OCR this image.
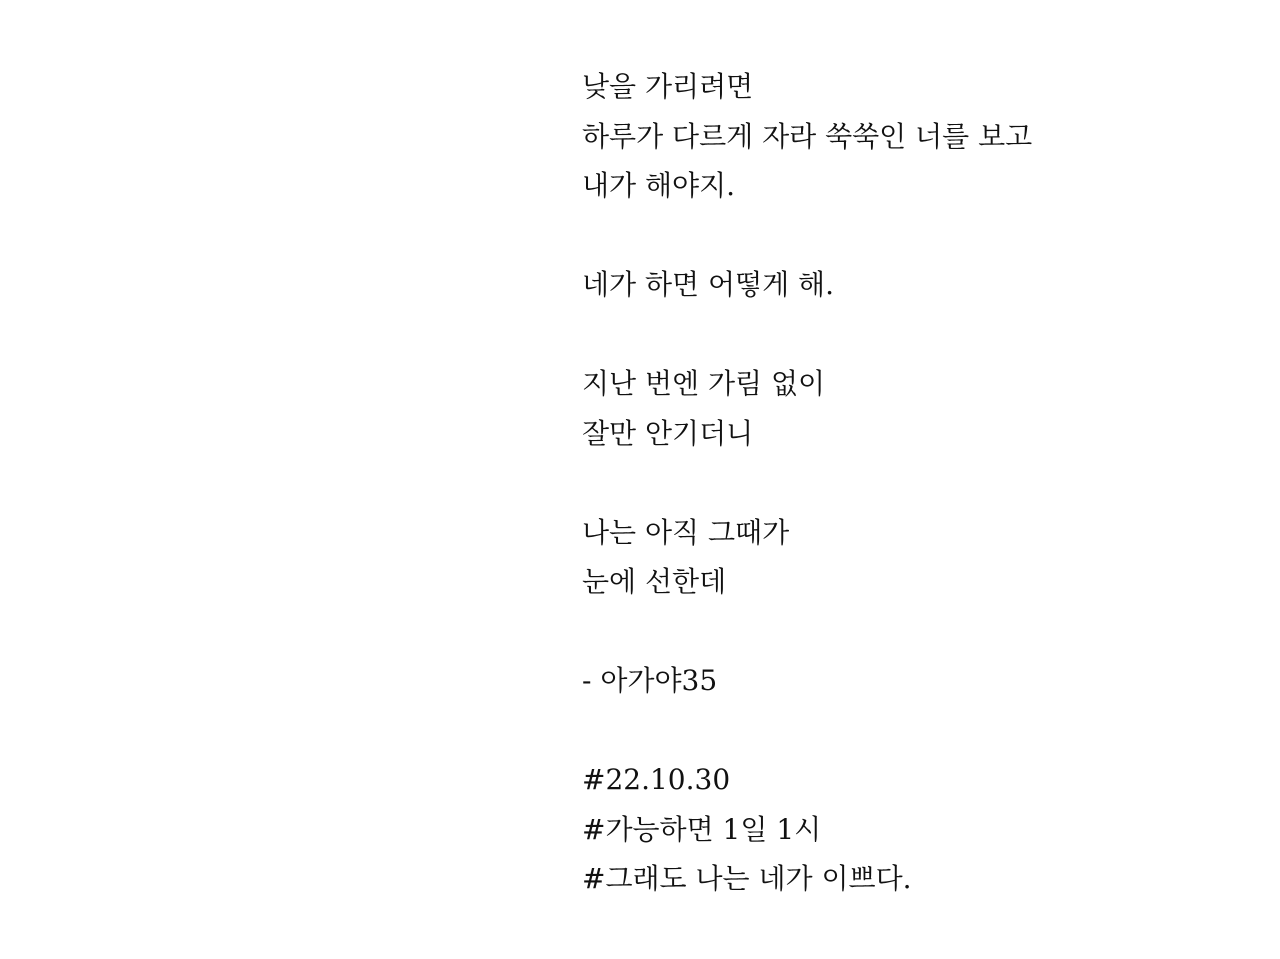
낮을 가리려면
하루가 다르게 자라 쑥쑥인 너를 보고
내가 해야지.
네가 하면 어떻게 해.
지난 번엔 가림 없이
잘만 안기더니
나는 아직 그때가
눈에 선한데
- 아가야35
#22.10.30
#가능하면 1일 1시
#그래도 나는 네가 이쁘다.
